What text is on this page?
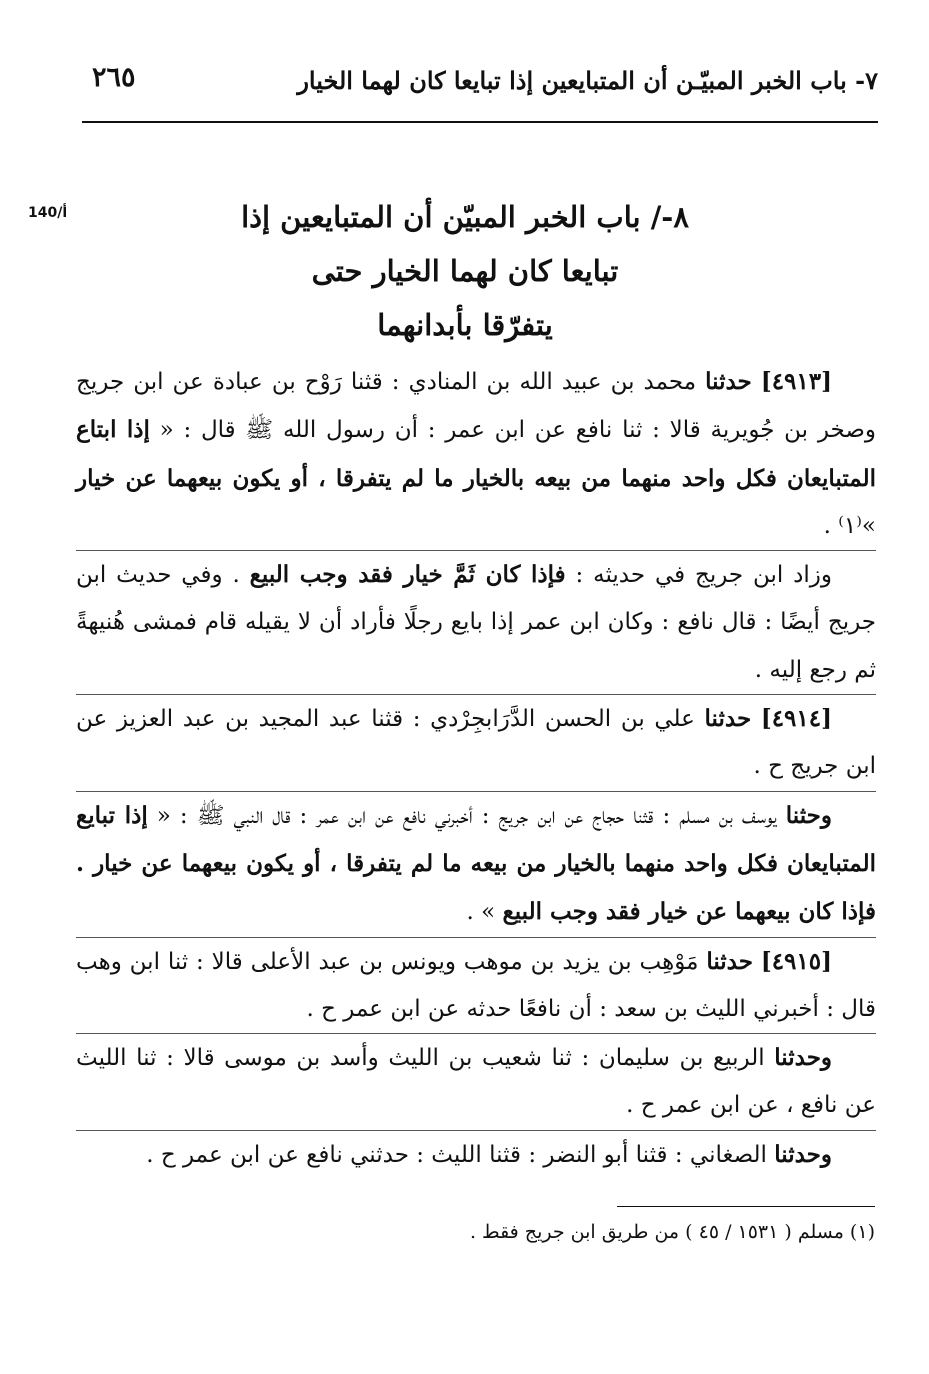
٧- باب الخبر المبيّـن أن المتبايعين إذا تبايعا كان لهما الخيار
٢٦٥
140/أ	٨-/ باب الخبر المبيّن أن المتبايعين إذا
تبايعا كان لهما الخيار حتى
يتفرّقا بأبدانهما

[٤٩١٣] حدثنا محمد بن عبيد الله بن المنادي : قثنا رَوْح بن عبادة عن ابن جريج وصخر بن جُويرية قالا : ثنا نافع عن ابن عمر : أن رسول الله ﷺ قال : « إذا ابتاع المتبايعان فكل واحد منهما من بيعه بالخيار ما لم يتفرقا ، أو يكون بيعهما عن خيار »⁽١⁾ .

وزاد ابن جريج في حديثه : فإذا كان ثَمَّ خيار فقد وجب البيع . وفي حديث ابن جريج أيضًا : قال نافع : وكان ابن عمر إذا بايع رجلًا فأراد أن لا يقيله قام فمشى هُنيهةً ثم رجع إليه .

[٤٩١٤] حدثنا علي بن الحسن الدَّرَابجِرْدي : قثنا عبد المجيد بن عبد العزيز عن ابن جريج ح .

وحثنا يوسف بن مسلم : قثنا حجاج عن ابن جريج : أخبرني نافع عن ابن عمر : قال النبي ﷺ : « إذا تبايع المتبايعان فكل واحد منهما بالخيار من بيعه ما لم يتفرقا ، أو يكون بيعهما عن خيار . فإذا كان بيعهما عن خيار فقد وجب البيع » .

[٤٩١٥] حدثنا مَوْهِب بن يزيد بن موهب ويونس بن عبد الأعلى قالا : ثنا ابن وهب قال : أخبرني الليث بن سعد : أن نافعًا حدثه عن ابن عمر ح .

وحدثنا الربيع بن سليمان : ثنا شعيب بن الليث وأسد بن موسى قالا : ثنا الليث عن نافع ، عن ابن عمر ح .

وحدثنا الصغاني : قثنا أبو النضر : قثنا الليث : حدثني نافع عن ابن عمر ح .

(١) مسلم ( ١٥٣١ / ٤٥ ) من طريق ابن جريج فقط .
